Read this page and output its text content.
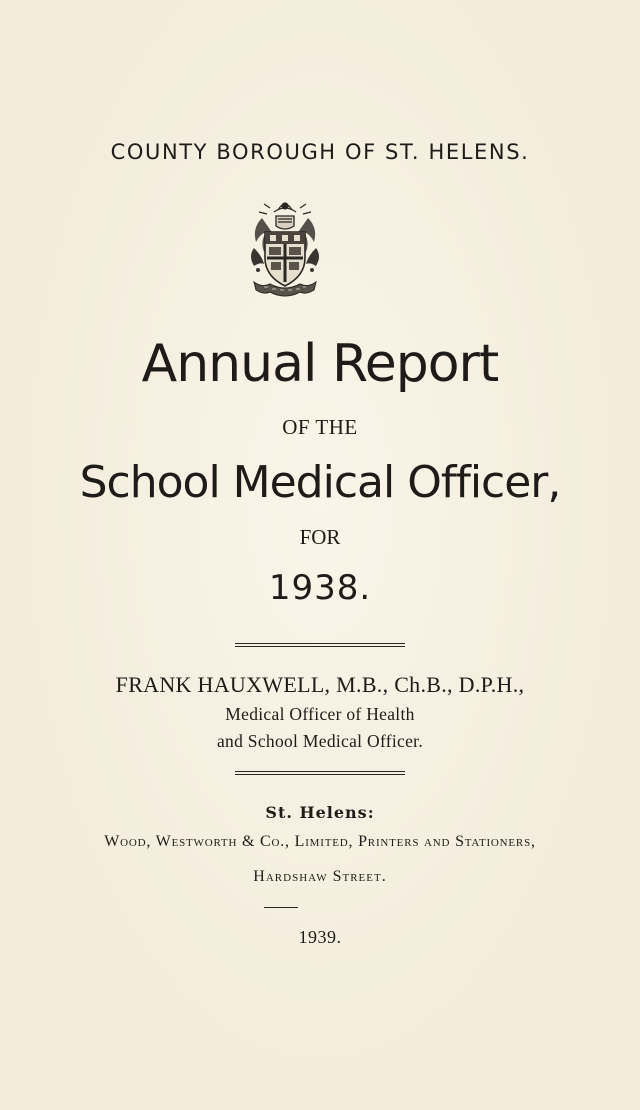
COUNTY BOROUGH OF ST. HELENS.
Annual Report
OF THE
School Medical Officer,
FOR
1938.
FRANK HAUXWELL, M.B., Ch.B., D.P.H.,
Medical Officer of Health
and School Medical Officer.
St. Helens:
Wood, Westworth & Co., Limited, Printers and Stationers,
Hardshaw Street.
1939.
